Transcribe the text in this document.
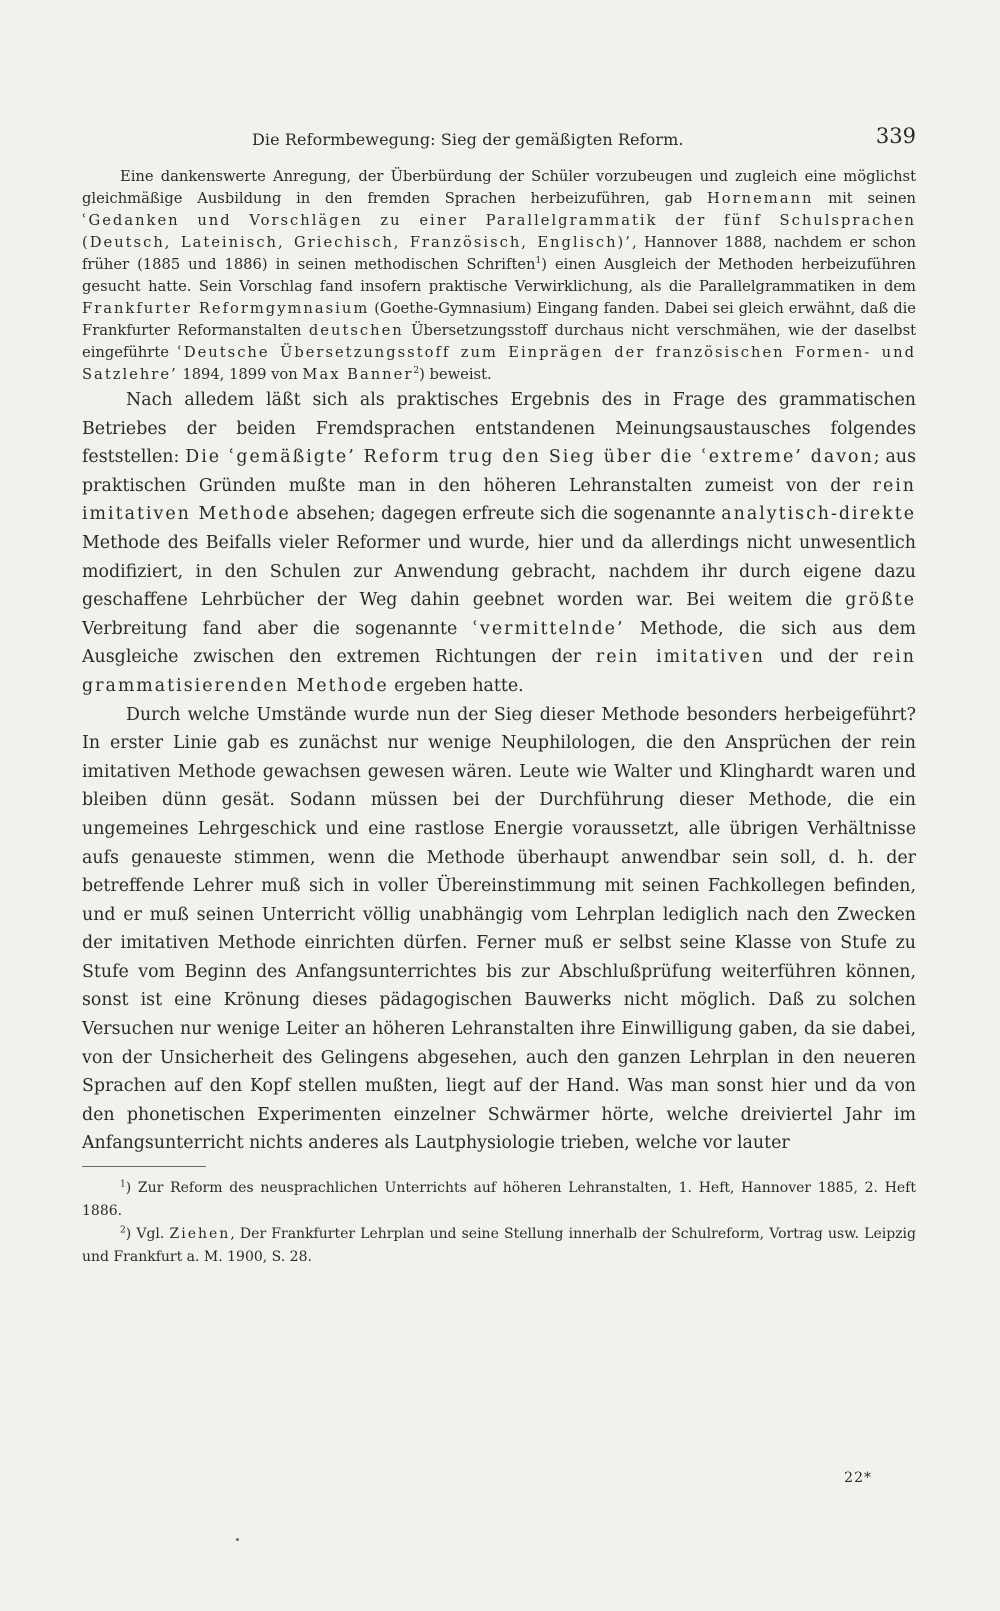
Die Reformbewegung: Sieg der gemäßigten Reform.	339

Eine dankenswerte Anregung, der Überbürdung der Schüler vorzubeugen und zugleich eine möglichst gleichmäßige Ausbildung in den fremden Sprachen herbeizuführen, gab Hornemann mit seinen ʿGedanken und Vorschlägen zu einer Parallelgrammatik der fünf Schulsprachen (Deutsch, Lateinisch, Griechisch, Französisch, Englisch)’, Hannover 1888, nachdem er schon früher (1885 und 1886) in seinen methodischen Schriften$^1$) einen Ausgleich der Methoden herbeizuführen gesucht hatte. Sein Vorschlag fand insofern praktische Verwirklichung, als die Parallelgrammatiken in dem Frankfurter Reformgymnasium (Goethe-Gymnasium) Eingang fanden. Dabei sei gleich erwähnt, daß die Frankfurter Reformanstalten deutschen Übersetzungsstoff durchaus nicht verschmähen, wie der daselbst eingeführte ʿDeutsche Übersetzungsstoff zum Einprägen der französischen Formen- und Satzlehre’ 1894, 1899 von Max Banner$^2$) beweist.

Nach alledem läßt sich als praktisches Ergebnis des in Frage des grammatischen Betriebes der beiden Fremdsprachen entstandenen Meinungsaustausches folgendes feststellen: Die ʿgemäßigte’ Reform trug den Sieg über die ʿextreme’ davon; aus praktischen Gründen mußte man in den höheren Lehranstalten zumeist von der rein imitativen Methode absehen; dagegen erfreute sich die sogenannte analytisch-direkte Methode des Beifalls vieler Reformer und wurde, hier und da allerdings nicht unwesentlich modifiziert, in den Schulen zur Anwendung gebracht, nachdem ihr durch eigene dazu geschaffene Lehrbücher der Weg dahin geebnet worden war. Bei weitem die größte Verbreitung fand aber die sogenannte ʿvermittelnde’ Methode, die sich aus dem Ausgleiche zwischen den extremen Richtungen der rein imitativen und der rein grammatisierenden Methode ergeben hatte.

Durch welche Umstände wurde nun der Sieg dieser Methode besonders herbeigeführt? In erster Linie gab es zunächst nur wenige Neuphilologen, die den Ansprüchen der rein imitativen Methode gewachsen gewesen wären. Leute wie Walter und Klinghardt waren und bleiben dünn gesät. Sodann müssen bei der Durchführung dieser Methode, die ein ungemeines Lehrgeschick und eine rastlose Energie voraussetzt, alle übrigen Verhältnisse aufs genaueste stimmen, wenn die Methode überhaupt anwendbar sein soll, d. h. der betreffende Lehrer muß sich in voller Übereinstimmung mit seinen Fachkollegen befinden, und er muß seinen Unterricht völlig unabhängig vom Lehrplan lediglich nach den Zwecken der imitativen Methode einrichten dürfen. Ferner muß er selbst seine Klasse von Stufe zu Stufe vom Beginn des Anfangsunterrichtes bis zur Abschlußprüfung weiterführen können, sonst ist eine Krönung dieses pädagogischen Bauwerks nicht möglich. Daß zu solchen Versuchen nur wenige Leiter an höheren Lehranstalten ihre Einwilligung gaben, da sie dabei, von der Unsicherheit des Gelingens abgesehen, auch den ganzen Lehrplan in den neueren Sprachen auf den Kopf stellen mußten, liegt auf der Hand. Was man sonst hier und da von den phonetischen Experimenten einzelner Schwärmer hörte, welche dreiviertel Jahr im Anfangsunterricht nichts anderes als Lautphysiologie trieben, welche vor lauter

$^1$) Zur Reform des neusprachlichen Unterrichts auf höheren Lehranstalten, 1. Heft, Hannover 1885, 2. Heft 1886.

$^2$) Vgl. Ziehen, Der Frankfurter Lehrplan und seine Stellung innerhalb der Schulreform, Vortrag usw. Leipzig und Frankfurt a. M. 1900, S. 28.

22*
